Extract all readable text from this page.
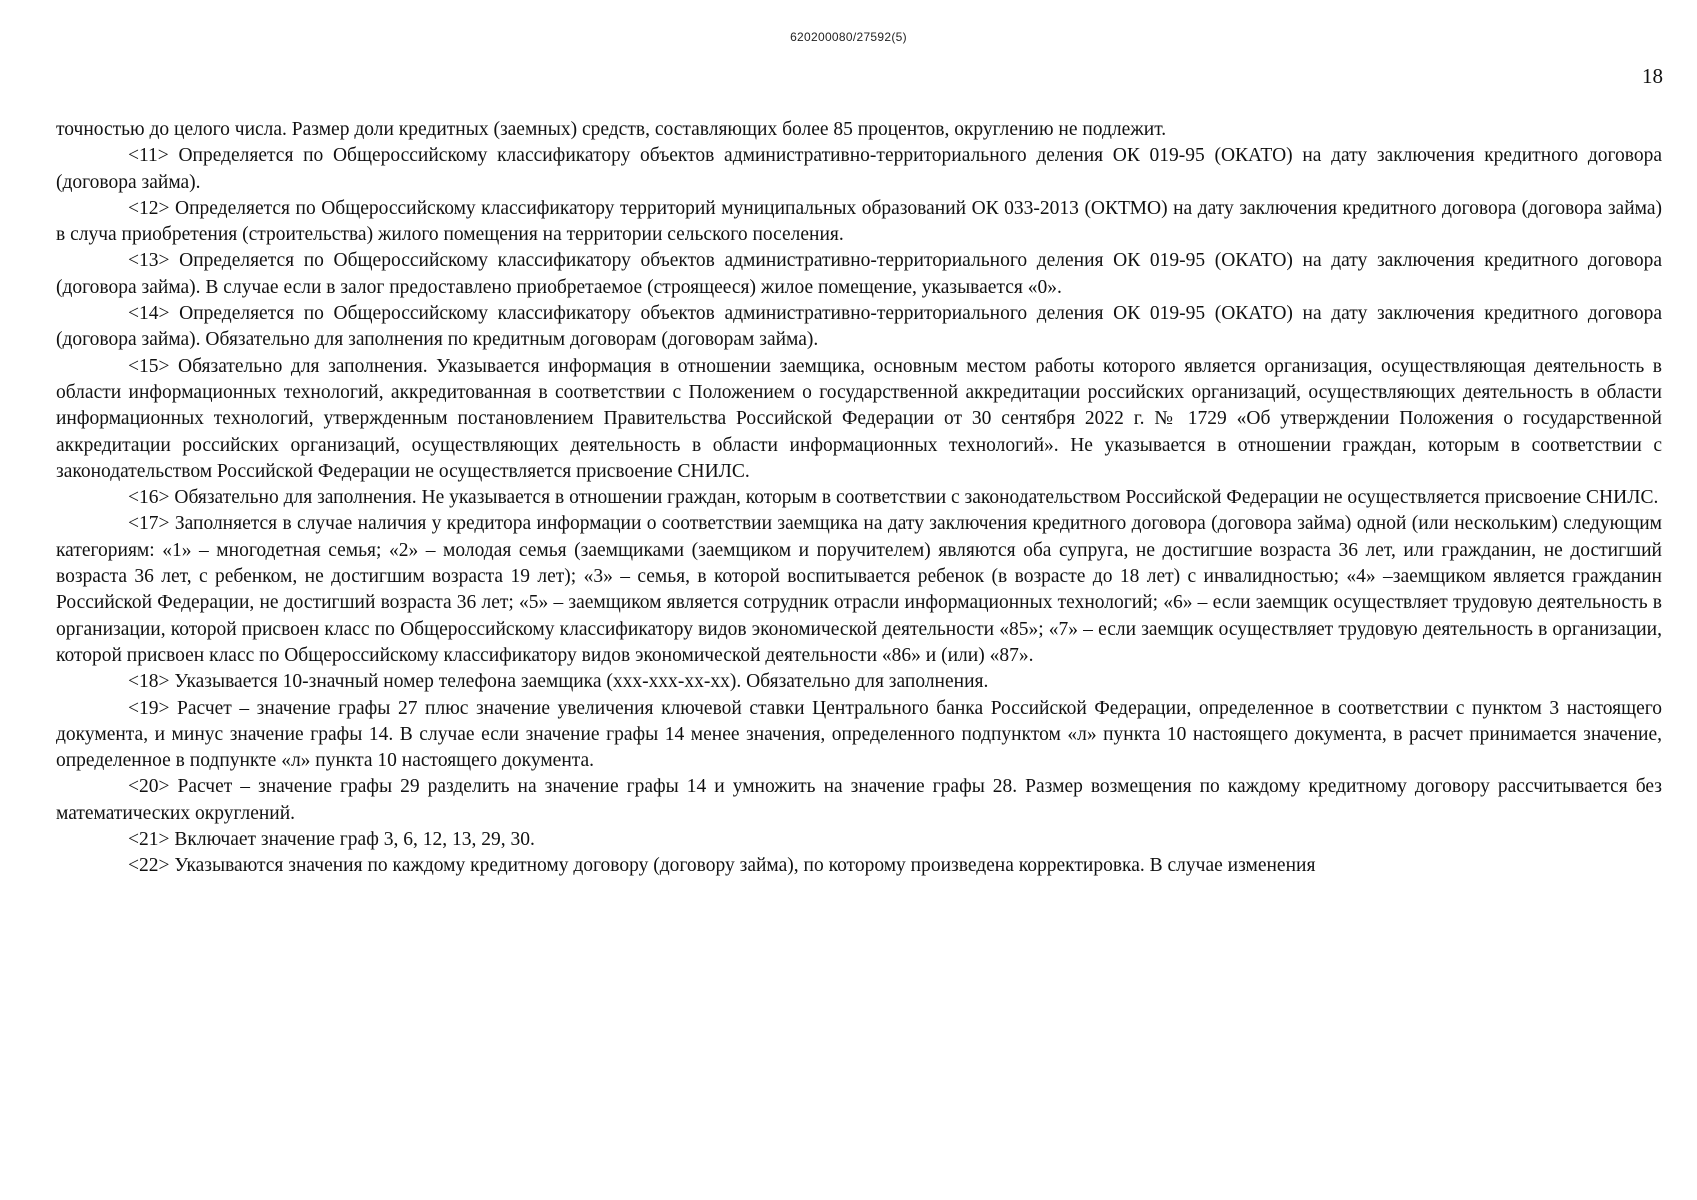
620200080/27592(5)
18

точностью до целого числа. Размер доли кредитных (заемных) средств, составляющих более 85 процентов, округлению не подлежит.

<11> Определяется по Общероссийскому классификатору объектов административно-территориального деления ОК 019-95 (ОКАТО) на дату заключения кредитного договора (договора займа).

<12> Определяется по Общероссийскому классификатору территорий муниципальных образований ОК 033-2013 (ОКТМО) на дату заключения кредитного договора (договора займа) в случа приобретения (строительства) жилого помещения на территории сельского поселения.

<13> Определяется по Общероссийскому классификатору объектов административно-территориального деления ОК 019-95 (ОКАТО) на дату заключения кредитного договора (договора займа). В случае если в залог предоставлено приобретаемое (строящееся) жилое помещение, указывается «0».

<14> Определяется по Общероссийскому классификатору объектов административно-территориального деления ОК 019-95 (ОКАТО) на дату заключения кредитного договора (договора займа). Обязательно для заполнения по кредитным договорам (договорам займа).

<15> Обязательно для заполнения. Указывается информация в отношении заемщика, основным местом работы которого является организация, осуществляющая деятельность в области информационных технологий, аккредитованная в соответствии с Положением о государственной аккредитации российских организаций, осуществляющих деятельность в области информационных технологий, утвержденным постановлением Правительства Российской Федерации от 30 сентября 2022 г. № 1729 «Об утверждении Положения о государственной аккредитации российских организаций, осуществляющих деятельность в области информационных технологий». Не указывается в отношении граждан, которым в соответствии с законодательством Российской Федерации не осуществляется присвоение СНИЛС.

<16> Обязательно для заполнения. Не указывается в отношении граждан, которым в соответствии с законодательством Российской Федерации не осуществляется присвоение СНИЛС.

<17> Заполняется в случае наличия у кредитора информации о соответствии заемщика на дату заключения кредитного договора (договора займа) одной (или нескольким) следующим категориям: «1» – многодетная семья; «2» – молодая семья (заемщиками (заемщиком и поручителем) являются оба супруга, не достигшие возраста 36 лет, или гражданин, не достигший возраста 36 лет, с ребенком, не достигшим возраста 19 лет); «3» – семья, в которой воспитывается ребенок (в возрасте до 18 лет) с инвалидностью; «4» –заемщиком является гражданин Российской Федерации, не достигший возраста 36 лет; «5» – заемщиком является сотрудник отрасли информационных технологий; «6» – если заемщик осуществляет трудовую деятельность в организации, которой присвоен класс по Общероссийскому классификатору видов экономической деятельности «85»; «7» – если заемщик осуществляет трудовую деятельность в организации, которой присвоен класс по Общероссийскому классификатору видов экономической деятельности «86» и (или) «87».

<18> Указывается 10-значный номер телефона заемщика (ххх-ххх-хх-хх). Обязательно для заполнения.

<19> Расчет – значение графы 27 плюс значение увеличения ключевой ставки Центрального банка Российской Федерации, определенное в соответствии с пунктом 3 настоящего документа, и минус значение графы 14. В случае если значение графы 14 менее значения, определенного подпунктом «л» пункта 10 настоящего документа, в расчет принимается значение, определенное в подпункте «л» пункта 10 настоящего документа.

<20> Расчет – значение графы 29 разделить на значение графы 14 и умножить на значение графы 28. Размер возмещения по каждому кредитному договору рассчитывается без математических округлений.

<21> Включает значение граф 3, 6, 12, 13, 29, 30.

<22> Указываются значения по каждому кредитному договору (договору займа), по которому произведена корректировка. В случае изменения
